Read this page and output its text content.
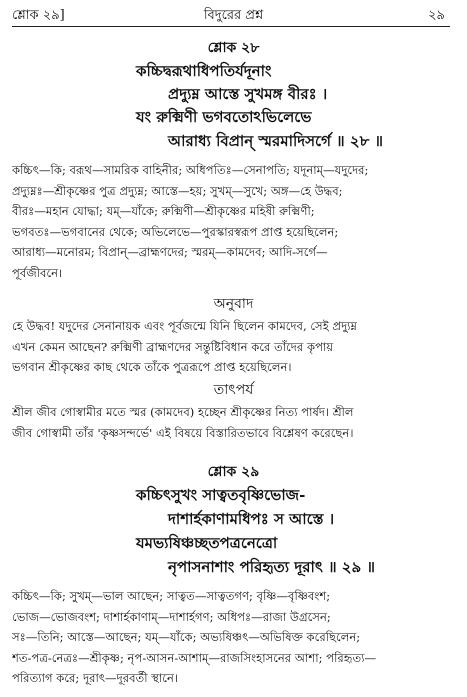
শ্লোক ২৯]	বিদুরের প্রশ্ন	২৯
শ্লোক ২৮
কচ্চিদ্বরূথাধিপতির্যদূনাং
প্রদ্যুম্ন আস্তে সুখমঙ্গ বীরঃ ।
যং রুক্মিণী ভগবতোঽভিলেভে
আরাধ্য বিপ্রান্ স্মরমাদিসর্গে ॥ ২৮ ॥
কচ্চিৎ—কি; বরূথ—সামরিক বাহিনীর; অধিপতিঃ—সেনাপতি; যদূনাম্—যদুদের;
প্রদ্যুম্নঃ—শ্রীকৃষ্ণের পুত্র প্রদ্যুম্ন; আস্তে—হয়; সুখম্—সুখে; অঙ্গ—হে উদ্ধব;
বীরঃ—মহান যোদ্ধা; যম্—যাঁকে; রুক্মিণী—শ্রীকৃষ্ণের মহিষী রুক্মিণী;
ভগবতঃ—ভগবানের থেকে; অভিলেভে—পুরস্কারস্বরূপ প্রাপ্ত হয়েছিলেন;
আরাধ্য—মনোরম; বিপ্রান্—ব্রাহ্মণদের; স্মরম্—কামদেব; আদি-সর্গে—
পূর্বজীবনে।
অনুবাদ
হে উদ্ধব! যদুদের সেনানায়ক এবং পূর্বজন্মে যিনি ছিলেন কামদেব, সেই প্রদ্যুম্ন
এখন কেমন আছেন? রুক্মিণী ব্রাহ্মণদের সন্তুষ্টিবিধান করে তাঁদের কৃপায়
ভগবান শ্রীকৃষ্ণের কাছ থেকে তাঁকে পুত্ররূপে প্রাপ্ত হয়েছিলেন।
তাৎপর্য
শ্রীল জীব গোস্বামীর মতে স্মর (কামদেব) হচ্ছেন শ্রীকৃষ্ণের নিত্য পার্ষদ। শ্রীল
জীব গোস্বামী তাঁর 'কৃষ্ণসন্দর্ভে' এই বিষয়ে বিস্তারিতভাবে বিশ্লেষণ করেছেন।
শ্লোক ২৯
কচ্চিৎসুখং সাত্বতবৃষ্ণিভোজ-
দাশার্হকাণামধিপঃ স আস্তে ।
যমভ্যষিঞ্চচ্ছতপত্রনেত্রো
নৃপাসনাশাং পরিহৃত্য দূরাৎ ॥ ২৯ ॥
কচ্চিৎ—কি; সুখম্—ভাল আছেন; সাত্বত—সাত্বতগণ; বৃষ্ণি—বৃষ্ণিবংশ;
ভোজ—ভোজবংশ; দাশার্হকাণাম্—দাশার্হগণ; অধিপঃ—রাজা উগ্রসেন;
সঃ—তিনি; আস্তে—আছেন; যম্—যাঁকে; অভ্যষিঞ্চৎ—অভিষিক্ত করেছিলেন;
শত-পত্র-নেত্রঃ—শ্রীকৃষ্ণ; নৃপ-আসন-আশাম্—রাজসিংহাসনের আশা; পরিহৃত্য—
পরিত্যাগ করে; দূরাৎ—দূরবর্তী স্থানে।
